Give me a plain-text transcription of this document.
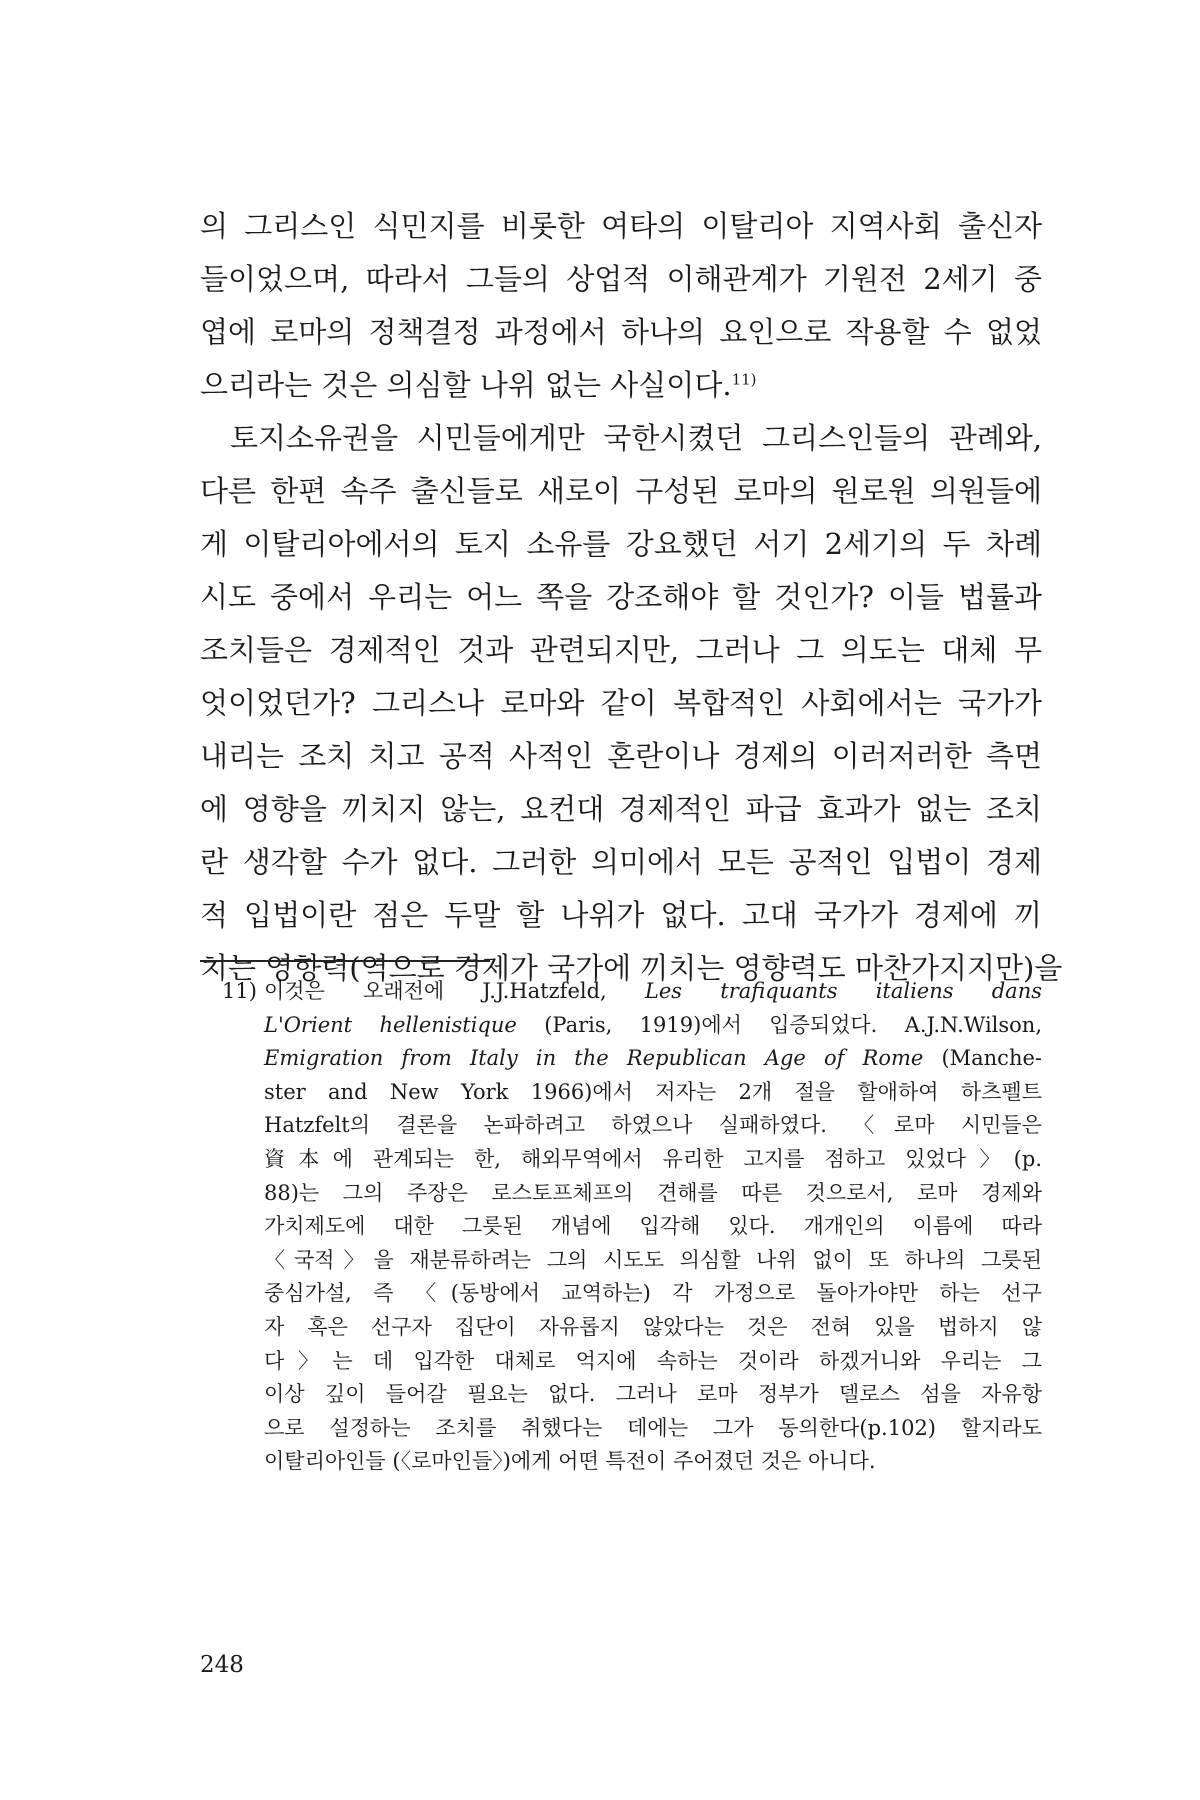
의 그리스인 식민지를 비롯한 여타의 이탈리아 지역사회 출신자
들이었으며, 따라서 그들의 상업적 이해관계가 기원전 2세기 중
엽에 로마의 정책결정 과정에서 하나의 요인으로 작용할 수 없었
으리라는 것은 의심할 나위 없는 사실이다.$^{11)}$
토지소유권을 시민들에게만 국한시켰던 그리스인들의 관례와,
다른 한편 속주 출신들로 새로이 구성된 로마의 원로원 의원들에
게 이탈리아에서의 토지 소유를 강요했던 서기 2세기의 두 차례
시도 중에서 우리는 어느 쪽을 강조해야 할 것인가? 이들 법률과
조치들은 경제적인 것과 관련되지만, 그러나 그 의도는 대체 무
엇이었던가? 그리스나 로마와 같이 복합적인 사회에서는 국가가
내리는 조치 치고 공적 사적인 혼란이나 경제의 이러저러한 측면
에 영향을 끼치지 않는, 요컨대 경제적인 파급 효과가 없는 조치
란 생각할 수가 없다. 그러한 의미에서 모든 공적인 입법이 경제
적 입법이란 점은 두말 할 나위가 없다. 고대 국가가 경제에 끼
치는 영향력(역으로 경제가 국가에 끼치는 영향력도 마찬가지지만)을
11) 이것은 오래전에 J.J.Hatzfeld, Les trafiquants italiens dans
L'Orient hellenistique (Paris, 1919)에서 입증되었다. A.J.N.Wilson,
Emigration from Italy in the Republican Age of Rome (Manche-
ster and New York 1966)에서 저자는 2개 절을 할애하여 하츠펠트
Hatzfelt의 결론을 논파하려고 하였으나 실패하였다. 〈로마 시민들은
資本에 관계되는 한, 해외무역에서 유리한 고지를 점하고 있었다〉(p.
88)는 그의 주장은 로스토프체프의 견해를 따른 것으로서, 로마 경제와
가치제도에 대한 그릇된 개념에 입각해 있다. 개개인의 이름에 따라
〈국적〉을 재분류하려는 그의 시도도 의심할 나위 없이 또 하나의 그릇된
중심가설, 즉 〈(동방에서 교역하는) 각 가정으로 돌아가야만 하는 선구
자 혹은 선구자 집단이 자유롭지 않았다는 것은 전혀 있을 법하지 않
다〉는 데 입각한 대체로 억지에 속하는 것이라 하겠거니와 우리는 그
이상 깊이 들어갈 필요는 없다. 그러나 로마 정부가 델로스 섬을 자유항
으로 설정하는 조치를 취했다는 데에는 그가 동의한다(p.102) 할지라도
이탈리아인들 (〈로마인들〉)에게 어떤 특전이 주어졌던 것은 아니다.
248
